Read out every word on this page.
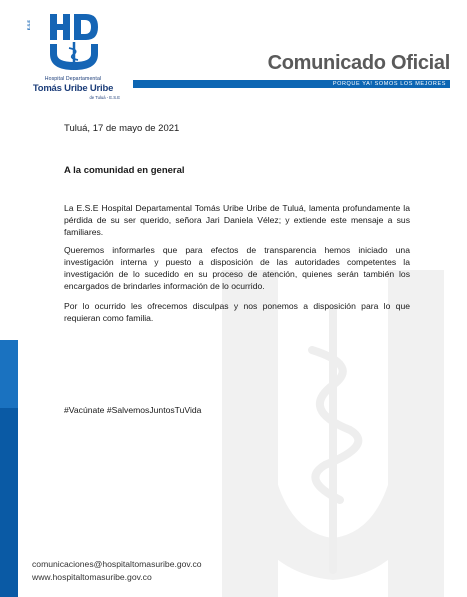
E.S.E
Hospital Departamental
Tomás Uribe Uribe
de Tuluá - E.S.E
Comunicado Oficial
PORQUE YA! SOMOS LOS MEJORES
Tuluá, 17 de mayo de 2021
A la comunidad en general

La E.S.E Hospital Departamental Tomás Uribe Uribe de Tuluá, lamenta profundamente la pérdida de su ser querido, señora Jari Daniela Vélez; y extiende este mensaje a sus familiares.

Queremos informarles que para efectos de transparencia hemos iniciado una investigación interna y puesto a disposición de las autoridades competentes la investigación de lo sucedido en su proceso de atención, quienes serán también los encargados de brindarles información de lo ocurrido.

Por lo ocurrido les ofrecemos disculpas y nos ponemos a disposición para lo que requieran como familia.

#Vacúnate #SalvemosJuntosTuVida
comunicaciones@hospitaltomasuribe.gov.co
www.hospitaltomasuribe.gov.co
